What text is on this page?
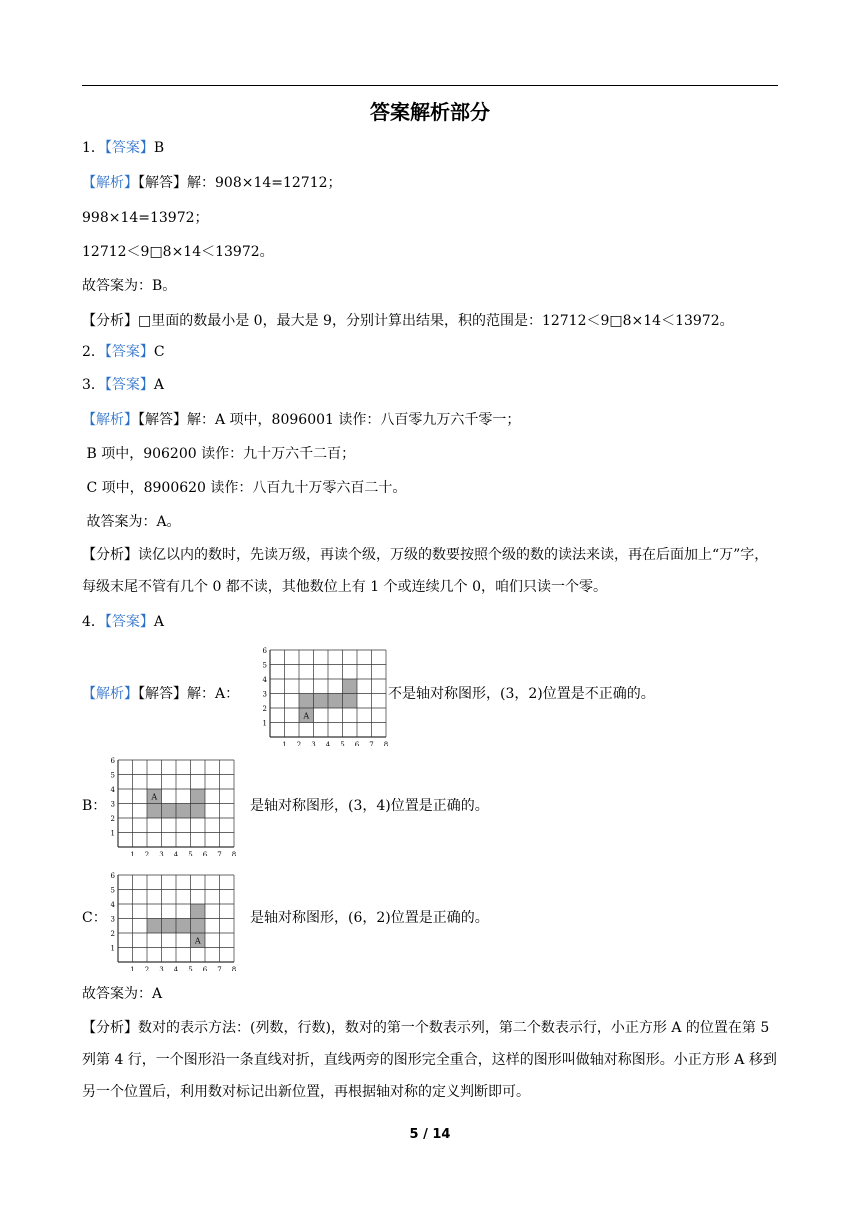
答案解析部分
1．【答案】B
【解析】【解答】解：908×14=12712；
998×14=13972；
12712＜9□8×14＜13972。
故答案为：B。
【分析】□里面的数最小是 0，最大是 9，分别计算出结果，积的范围是：12712＜9□8×14＜13972。
2．【答案】C
3．【答案】A
【解析】【解答】解：A 项中，8096001 读作：八百零九万六千零一；
B 项中，906200 读作：九十万六千二百；
C 项中，8900620 读作：八百九十万零六百二十。
故答案为：A。
【分析】读亿以内的数时，先读万级，再读个级，万级的数要按照个级的数的读法来读，再在后面加上“万”字，每级末尾不管有几个 0 都不读，其他数位上有 1 个或连续几个 0，咱们只读一个零。
4．【答案】A
【解析】【解答】解：A：
A
1 2 3 4 5 6 7 8
1
2
3
4
5
6
不是轴对称图形，(3，2)位置是不正确的。
B：
A
1 2 3 4 5 6 7 8
1
2
3
4
5
6
是轴对称图形，(3，4)位置是正确的。
C：
A
1 2 3 4 5 6 7 8
1
2
3
4
5
6
是轴对称图形，(6，2)位置是正确的。
故答案为：A
【分析】数对的表示方法：(列数，行数)，数对的第一个数表示列，第二个数表示行，小正方形 A 的位置在第 5 列第 4 行，一个图形沿一条直线对折，直线两旁的图形完全重合，这样的图形叫做轴对称图形。小正方形 A 移到另一个位置后，利用数对标记出新位置，再根据轴对称的定义判断即可。
5 / 14
